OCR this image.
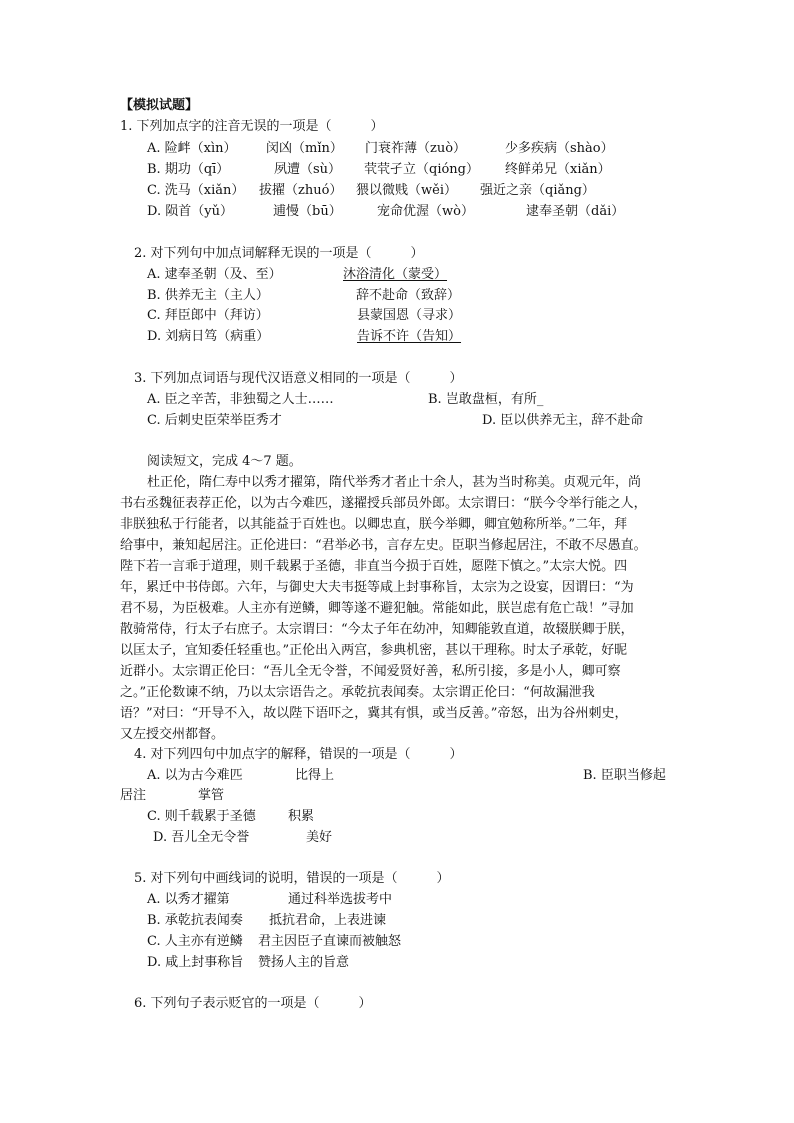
【模拟试题】
1. 下列加点字的注音无误的一项是（　　　）
A. 险衅（xìn） 闵凶（mǐn） 门衰祚薄（zuò）	少多疾病（shào）
B. 期功（qī）	夙遭（sù） 茕茕孑立（qióng） 终鲜弟兄（xiǎn）
C. 洗马（xiǎn） 拔擢（zhuó） 猥以微贱（wěi） 强近之亲（qiǎng）
D. 陨首（yǔ）	逋慢（bū）	宠命优渥（wò）	逮奉圣朝（dǎi）
2. 对下列句中加点词解释无误的一项是（　　　）
A. 逮奉圣朝（及、至）	沐浴清化（蒙受）
B. 供养无主（主人）	辞不赴命（致辞）
C. 拜臣郎中（拜访）	县蒙国恩（寻求）
D. 刘病日笃（病重）	告诉不许（告知）
3. 下列加点词语与现代汉语意义相同的一项是（　　　）
A. 臣之辛苦，非独蜀之人士……	B. 岂敢盘桓，有所_
C. 后刺史臣荣举臣秀才	D. 臣以供养无主，辞不赴命
阅读短文，完成 4～7 题。
杜正伦，隋仁寿中以秀才擢第，隋代举秀才者止十余人，甚为当时称美。贞观元年，尚
书右丞魏征表荐正伦，以为古今难匹，遂擢授兵部员外郎。太宗谓曰：“朕今令举行能之人，
非朕独私于行能者，以其能益于百姓也。以卿忠直，朕今举卿，卿宜勉称所举。”二年，拜
给事中，兼知起居注。正伦进曰：“君举必书，言存左史。臣职当修起居注，不敢不尽愚直。
陛下若一言乖于道理，则千载累于圣德，非直当今损于百姓，愿陛下慎之。”太宗大悦。四
年，累迁中书侍郎。六年，与御史大夫韦挺等咸上封事称旨，太宗为之设宴，因谓曰：“为
君不易，为臣极难。人主亦有逆鳞，卿等遂不避犯触。常能如此，朕岂虑有危亡哉！”寻加
散骑常侍，行太子右庶子。太宗谓曰：“今太子年在幼冲，知卿能敦直道，故辍朕卿于朕，
以匡太子，宜知委任轻重也。”正伦出入两宫，参典机密，甚以干理称。时太子承乾，好昵
近群小。太宗谓正伦曰：“吾儿全无令誉，不闻爱贤好善，私所引接，多是小人，卿可察
之。”正伦数谏不纳，乃以太宗语告之。承乾抗表闻奏。太宗谓正伦曰：“何故漏泄我
语？”对曰：“开导不入，故以陛下语吓之，冀其有惧，或当反善。”帝怒，出为谷州刺史，
又左授交州都督。
4. 对下列四句中加点字的解释，错误的一项是（　　　）
A. 以为古今难匹	比得上	B. 臣职当修起
居注	掌管
C. 则千载累于圣德 积累
D. 吾儿全无令誉	美好
5. 对下列句中画线词的说明，错误的一项是（　　　）
A. 以秀才擢第	通过科举选拔考中
B. 承乾抗表闻奏 抵抗君命，上表进谏
C. 人主亦有逆鳞 君主因臣子直谏而被触怒
D. 咸上封事称旨 赞扬人主的旨意
6. 下列句子表示贬官的一项是（　　　）
